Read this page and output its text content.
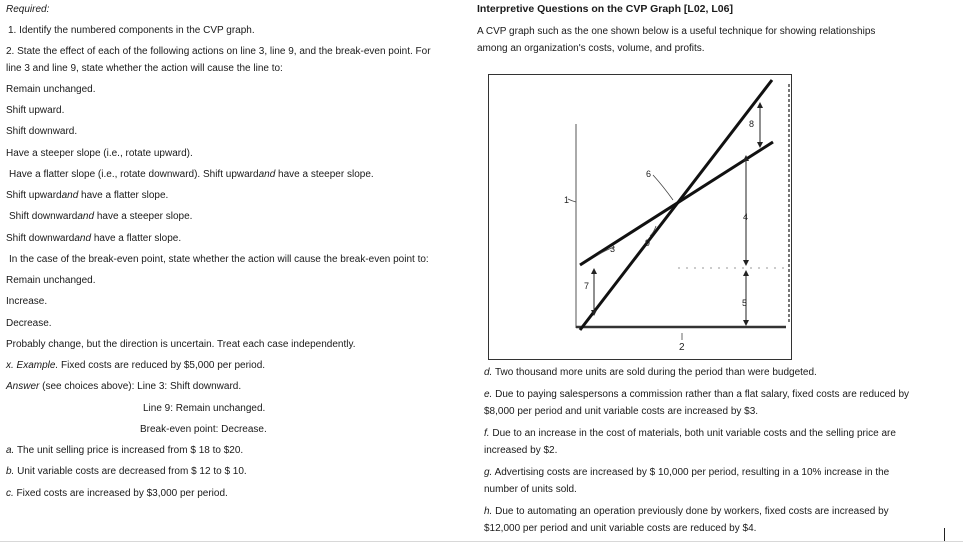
Required:
1. Identify the numbered components in the CVP graph.
2. State the effect of each of the following actions on line 3, line 9, and the break-even point. For
line 3 and line 9, state whether the action will cause the line to:
Remain unchanged.
Shift upward.
Shift downward.
Have a steeper slope (i.e., rotate upward).
Have a flatter slope (i.e., rotate downward). Shift upwardand have a steeper slope.
Shift upwardand have a flatter slope.
Shift downwardand have a steeper slope.
Shift downwardand have a flatter slope.
In the case of the break-even point, state whether the action will cause the break-even point to:
Remain unchanged.
Increase.
Decrease.
Probably change, but the direction is uncertain. Treat each case independently.
x. Example. Fixed costs are reduced by $5,000 per period.
Answer (see choices above): Line 3: Shift downward.
Line 9: Remain unchanged.
Break-even point: Decrease.
a. The unit selling price is increased from $ 18 to $20.
b. Unit variable costs are decreased from $ 12 to $ 10.
c. Fixed costs are increased by $3,000 per period.
Interpretive Questions on the CVP Graph [L02, L06]
A CVP graph such as the one shown below is a useful technique for showing relationships
among an organization's costs, volume, and profits.
1
2
3
4
5
6
7
8
9
d. Two thousand more units are sold during the period than were budgeted.
e. Due to paying salespersons a commission rather than a flat salary, fixed costs are reduced by
$8,000 per period and unit variable costs are increased by $3.
f. Due to an increase in the cost of materials, both unit variable costs and the selling price are
increased by $2.
g. Advertising costs are increased by $ 10,000 per period, resulting in a 10% increase in the
number of units sold.
h. Due to automating an operation previously done by workers, fixed costs are increased by
$12,000 per period and unit variable costs are reduced by $4.
